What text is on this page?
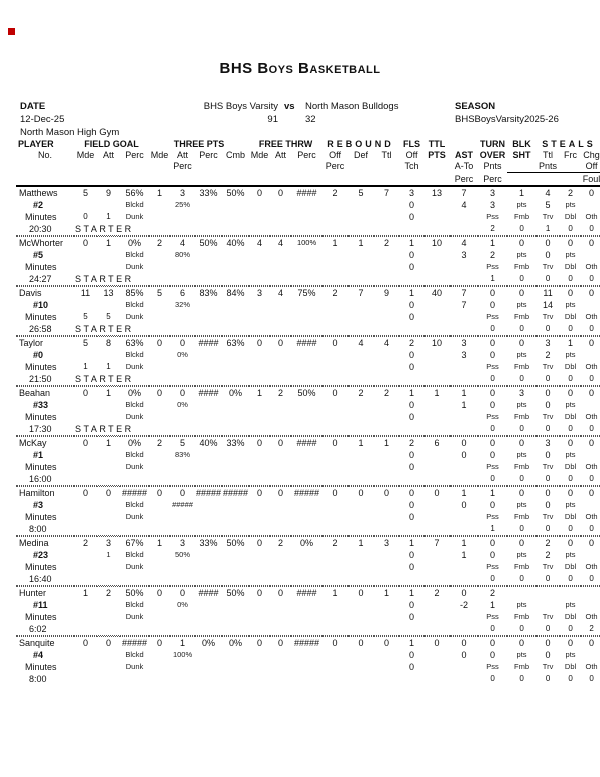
BHS Boys Basketball
DATE
12-Dec-25
North Mason High Gym
BHS Boys Varsity vs North Mason Bulldogs
91	32
SEASON
BHSBoysVarsity2025-26
PLAYER	FIELD GOAL			THREE PTS				FREE THRW			REBOUND			FLS	TTL		TURN	BLK	STEALS		
No.	Mde	Att	Perc	Mde	Att	Perc	Cmb	Mde	Att	Perc	Off	Def	Ttl	Off	PTS	AST	OVER	SHT	Ttl	Frc	Chg
					Perc						Perc			Tch		A-To	Pnts		Pnts		Off
																Perc	Perc				Foul
Matthews	5	9	56%	1	3	33%	50%	0	0	####	2	5	7	3	13	7	3	1	4	2	0
#2			Blckd		25%									0		4	3	pts	5	pts	
Minutes	0	1	Dunk											0			Pss	Fmb	Trv	Dbl	Oth
20:30	STARTER																2	0	1	0	0
McWhorter	0	1	0%	2	4	50%	40%	4	4	100%	1	1	2	1	10	4	1	0	0	0	0
#5			Blckd		80%									0		3	2	pts	0	pts	
Minutes			Dunk											0			Pss	Fmb	Trv	Dbl	Oth
24:27	STARTER																1	0	0	0	0
Davis	11	13	85%	5	6	83%	84%	3	4	75%	2	7	9	1	40	7	0	0	11	0	0
#10			Blckd		32%									0		7	0	pts	14	pts	
Minutes	5	5	Dunk											0			Pss	Fmb	Trv	Dbl	Oth
26:58	STARTER																0	0	0	0	0
Taylor	5	8	63%	0	0	####	63%	0	0	####	0	4	4	2	10	3	0	0	3	1	0
#0			Blckd		0%									0		3	0	pts	2	pts	
Minutes	1	1	Dunk											0			Pss	Fmb	Trv	Dbl	Oth
21:50	STARTER																0	0	0	0	0
Beahan	0	1	0%	0	0	####	0%	1	2	50%	0	2	2	1	1	1	0	3	0	0	0
#33			Blckd		0%									0		1	0	pts	0	pts	
Minutes			Dunk											0			Pss	Fmb	Trv	Dbl	Oth
17:30	STARTER																0	0	0	0	0
McKay	0	1	0%	2	5	40%	33%	0	0	####	0	1	1	2	6	0	0	0	3	0	0
#1			Blckd		83%									0		0	0	pts	0	pts	
Minutes			Dunk											0			Pss	Fmb	Trv	Dbl	Oth
16:00																	0	0	0	0	0
Hamilton	0	0	#####	0	0	#####	#####	0	0	#####	0	0	0	0	0	1	1	0	0	0	0
#3			Blckd		#####									0		0	0	pts	0	pts	
Minutes			Dunk											0			Pss	Fmb	Trv	Dbl	Oth
8:00																	1	0	0	0	0
Medina	2	3	67%	1	3	33%	50%	0	2	0%	2	1	3	1	7	1	0	0	2	0	0
#23		1	Blckd		50%									0		1	0	pts	2	pts	
Minutes			Dunk											0			Pss	Fmb	Trv	Dbl	Oth
16:40																	0	0	0	0	0
Hunter	1	2	50%	0	0	####	50%	0	0	####	1	0	1	1	2	0	2				
#11			Blckd		0%									0		-2	1	pts		pts	
Minutes			Dunk											0			Pss	Fmb	Trv	Dbl	Oth
6:02																	0	0	0	0	2
Sanquite	0	0	#####	0	1	0%	0%	0	0	#####	0	0	0	1	0	0	0	0	0	0	0
#4			Blckd		100%									0		0	0	pts	0	pts	
Minutes			Dunk											0			Pss	Fmb	Trv	Dbl	Oth
8:00																	0	0	0	0	0
